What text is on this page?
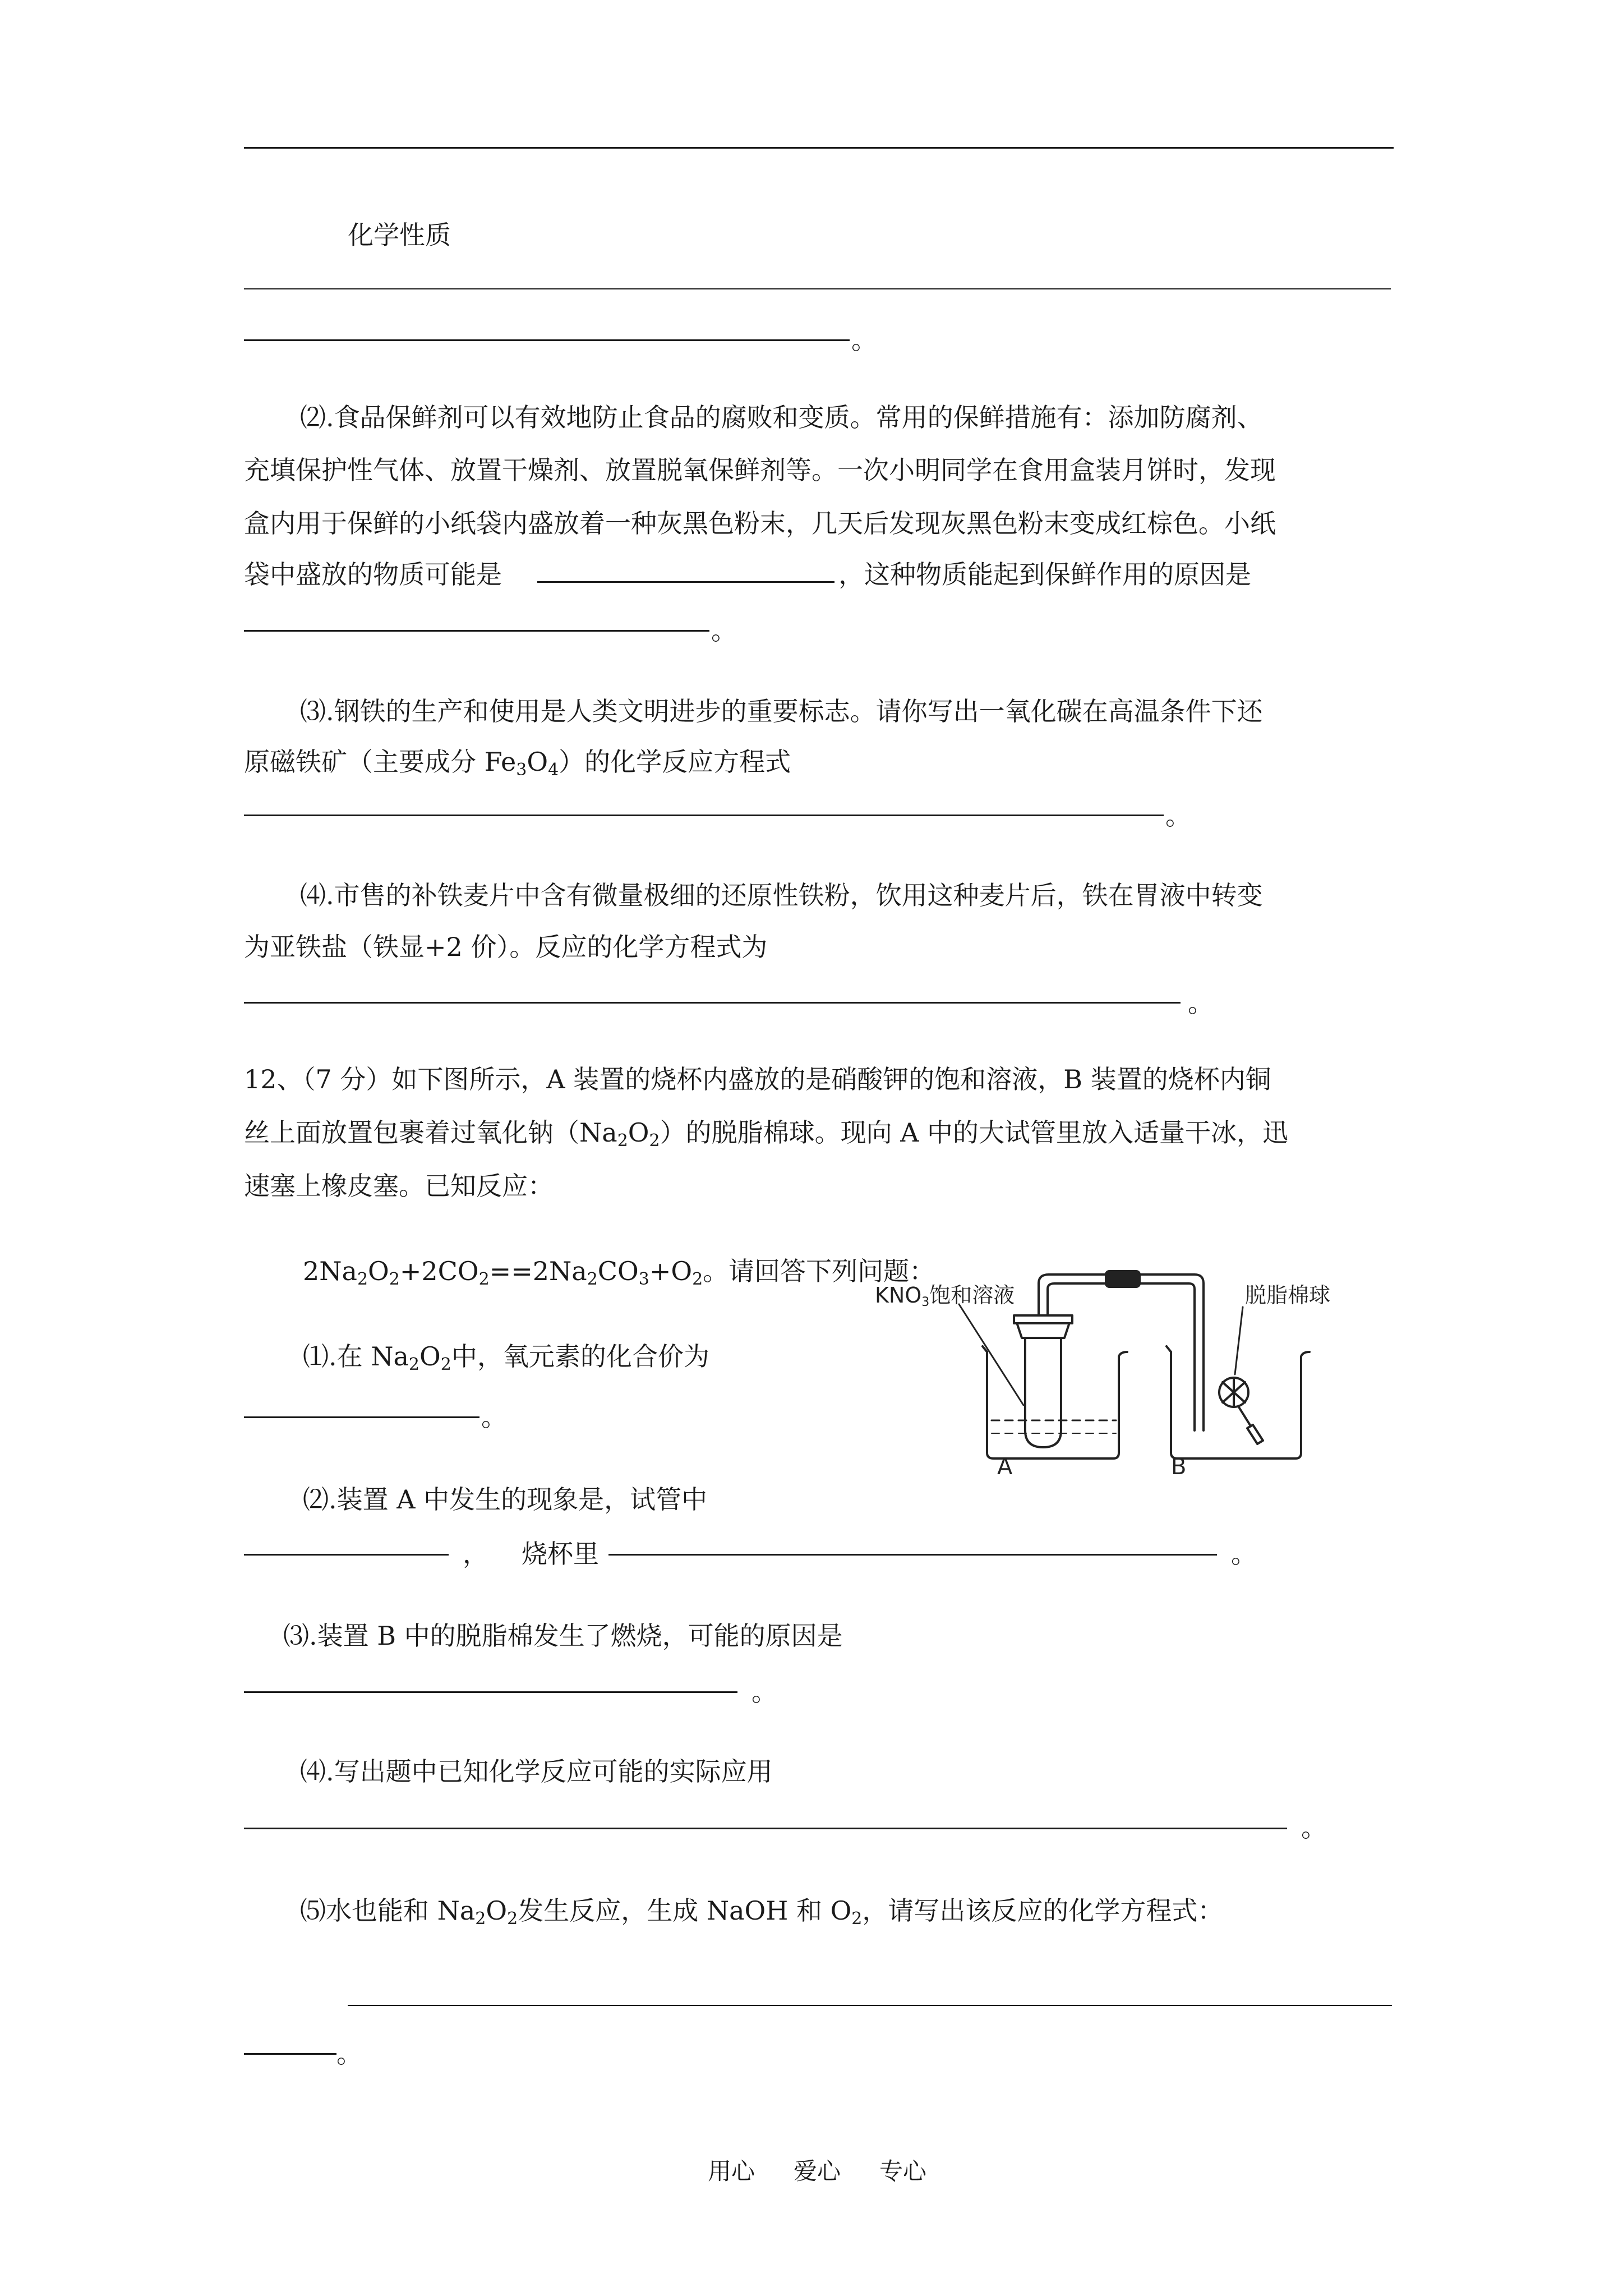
化学性质
。
⑵.食品保鲜剂可以有效地防止食品的腐败和变质。常用的保鲜措施有：添加防腐剂、
充填保护性气体、放置干燥剂、放置脱氧保鲜剂等。一次小明同学在食用盒装月饼时，发现
盒内用于保鲜的小纸袋内盛放着一种灰黑色粉末，几天后发现灰黑色粉末变成红棕色。小纸
袋中盛放的物质可能是	，这种物质能起到保鲜作用的原因是
。
⑶.钢铁的生产和使用是人类文明进步的重要标志。请你写出一氧化碳在高温条件下还
原磁铁矿（主要成分 $Fe_3O_4$）的化学反应方程式
。
⑷.市售的补铁麦片中含有微量极细的还原性铁粉，饮用这种麦片后，铁在胃液中转变
为亚铁盐（铁显+2 价）。反应的化学方程式为
。
12、（7 分）如下图所示，A 装置的烧杯内盛放的是硝酸钾的饱和溶液，B 装置的烧杯内铜
丝上面放置包裹着过氧化钠$(Na_2O_2)$的脱脂棉球。现向 A 中的大试管里放入适量干冰，迅
速塞上橡皮塞。已知反应：
$2Na_2O_2+2CO_2==2Na_2CO_3+O_2$。请回答下列问题：
⑴.在 $Na_2O_2$中，氧元素的化合价为
。
⑵.装置 A 中发生的现象是，试管中
， 烧杯里	。
⑶.装置 B 中的脱脂棉发生了燃烧，可能的原因是
。
⑷.写出题中已知化学反应可能的实际应用
。
⑸水也能和 $Na_2O_2$发生反应，生成 NaOH 和 $O_2$，请写出该反应的化学方程式：
。
用心 爱心 专心
KNO3饱和溶液	脱脂棉球
A	B
